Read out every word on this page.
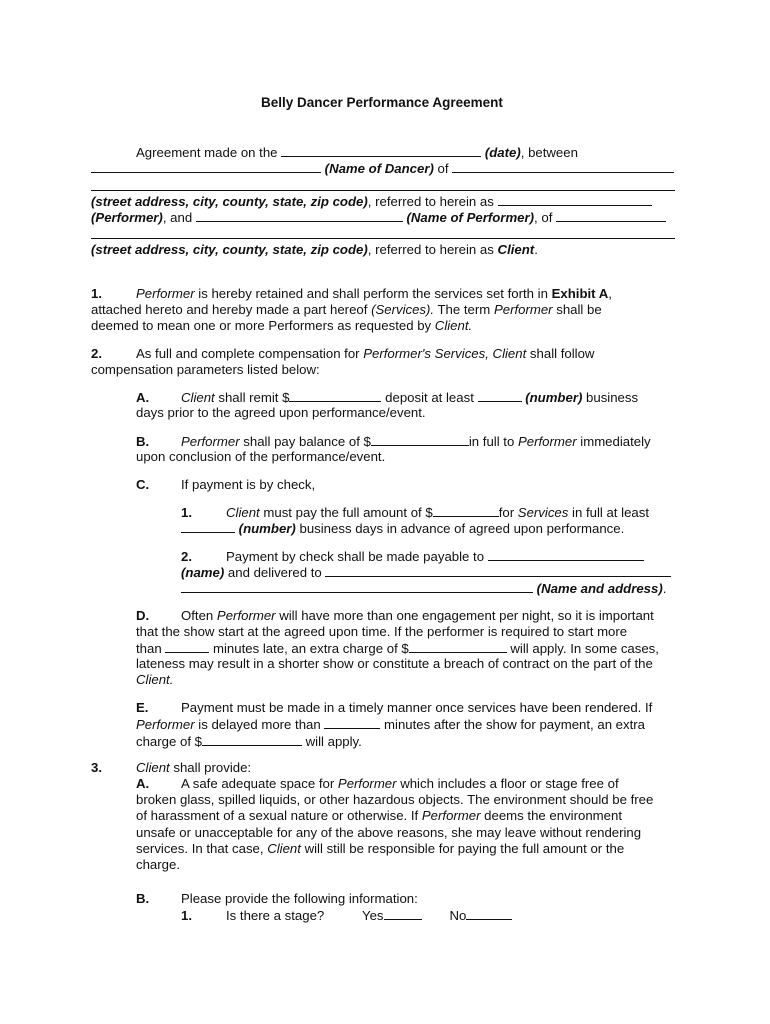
Belly Dancer Performance Agreement
Agreement made on the	(date), between
(Name of Dancer) of
(street address, city, county, state, zip code), referred to herein as
(Performer), and	(Name of Performer), of
(street address, city, county, state, zip code), referred to herein as Client.
1.	Performer is hereby retained and shall perform the services set forth in Exhibit A,
attached hereto and hereby made a part hereof (Services). The term Performer shall be
deemed to mean one or more Performers as requested by Client.
2.	As full and complete compensation for Performer's Services, Client shall follow
compensation parameters listed below:
A. Client shall remit $	deposit at least	(number) business
days prior to the agreed upon performance/event.
B. Performer shall pay balance of $	in full to Performer immediately
upon conclusion of the performance/event.
C. If payment is by check,
1.	Client must pay the full amount of $	for Services in full at least
(number) business days in advance of agreed upon performance.
2.	Payment by check shall be made payable to
(name) and delivered to
(Name and address).
D. Often Performer will have more than one engagement per night, so it is important
that the show start at the agreed upon time. If the performer is required to start more
than	minutes late, an extra charge of $	will apply. In some cases,
lateness may result in a shorter show or constitute a breach of contract on the part of the
Client.
E. Payment must be made in a timely manner once services have been rendered. If
Performer is delayed more than	minutes after the show for payment, an extra
charge of $	will apply.
3.	Client shall provide:
A. A safe adequate space for Performer which includes a floor or stage free of
broken glass, spilled liquids, or other hazardous objects. The environment should be free
of harassment of a sexual nature or otherwise. If Performer deems the environment
unsafe or unacceptable for any of the above reasons, she may leave without rendering
services. In that case, Client will still be responsible for paying the full amount or the
charge.
B. Please provide the following information:
1.	Is there a stage?	Yes	No
